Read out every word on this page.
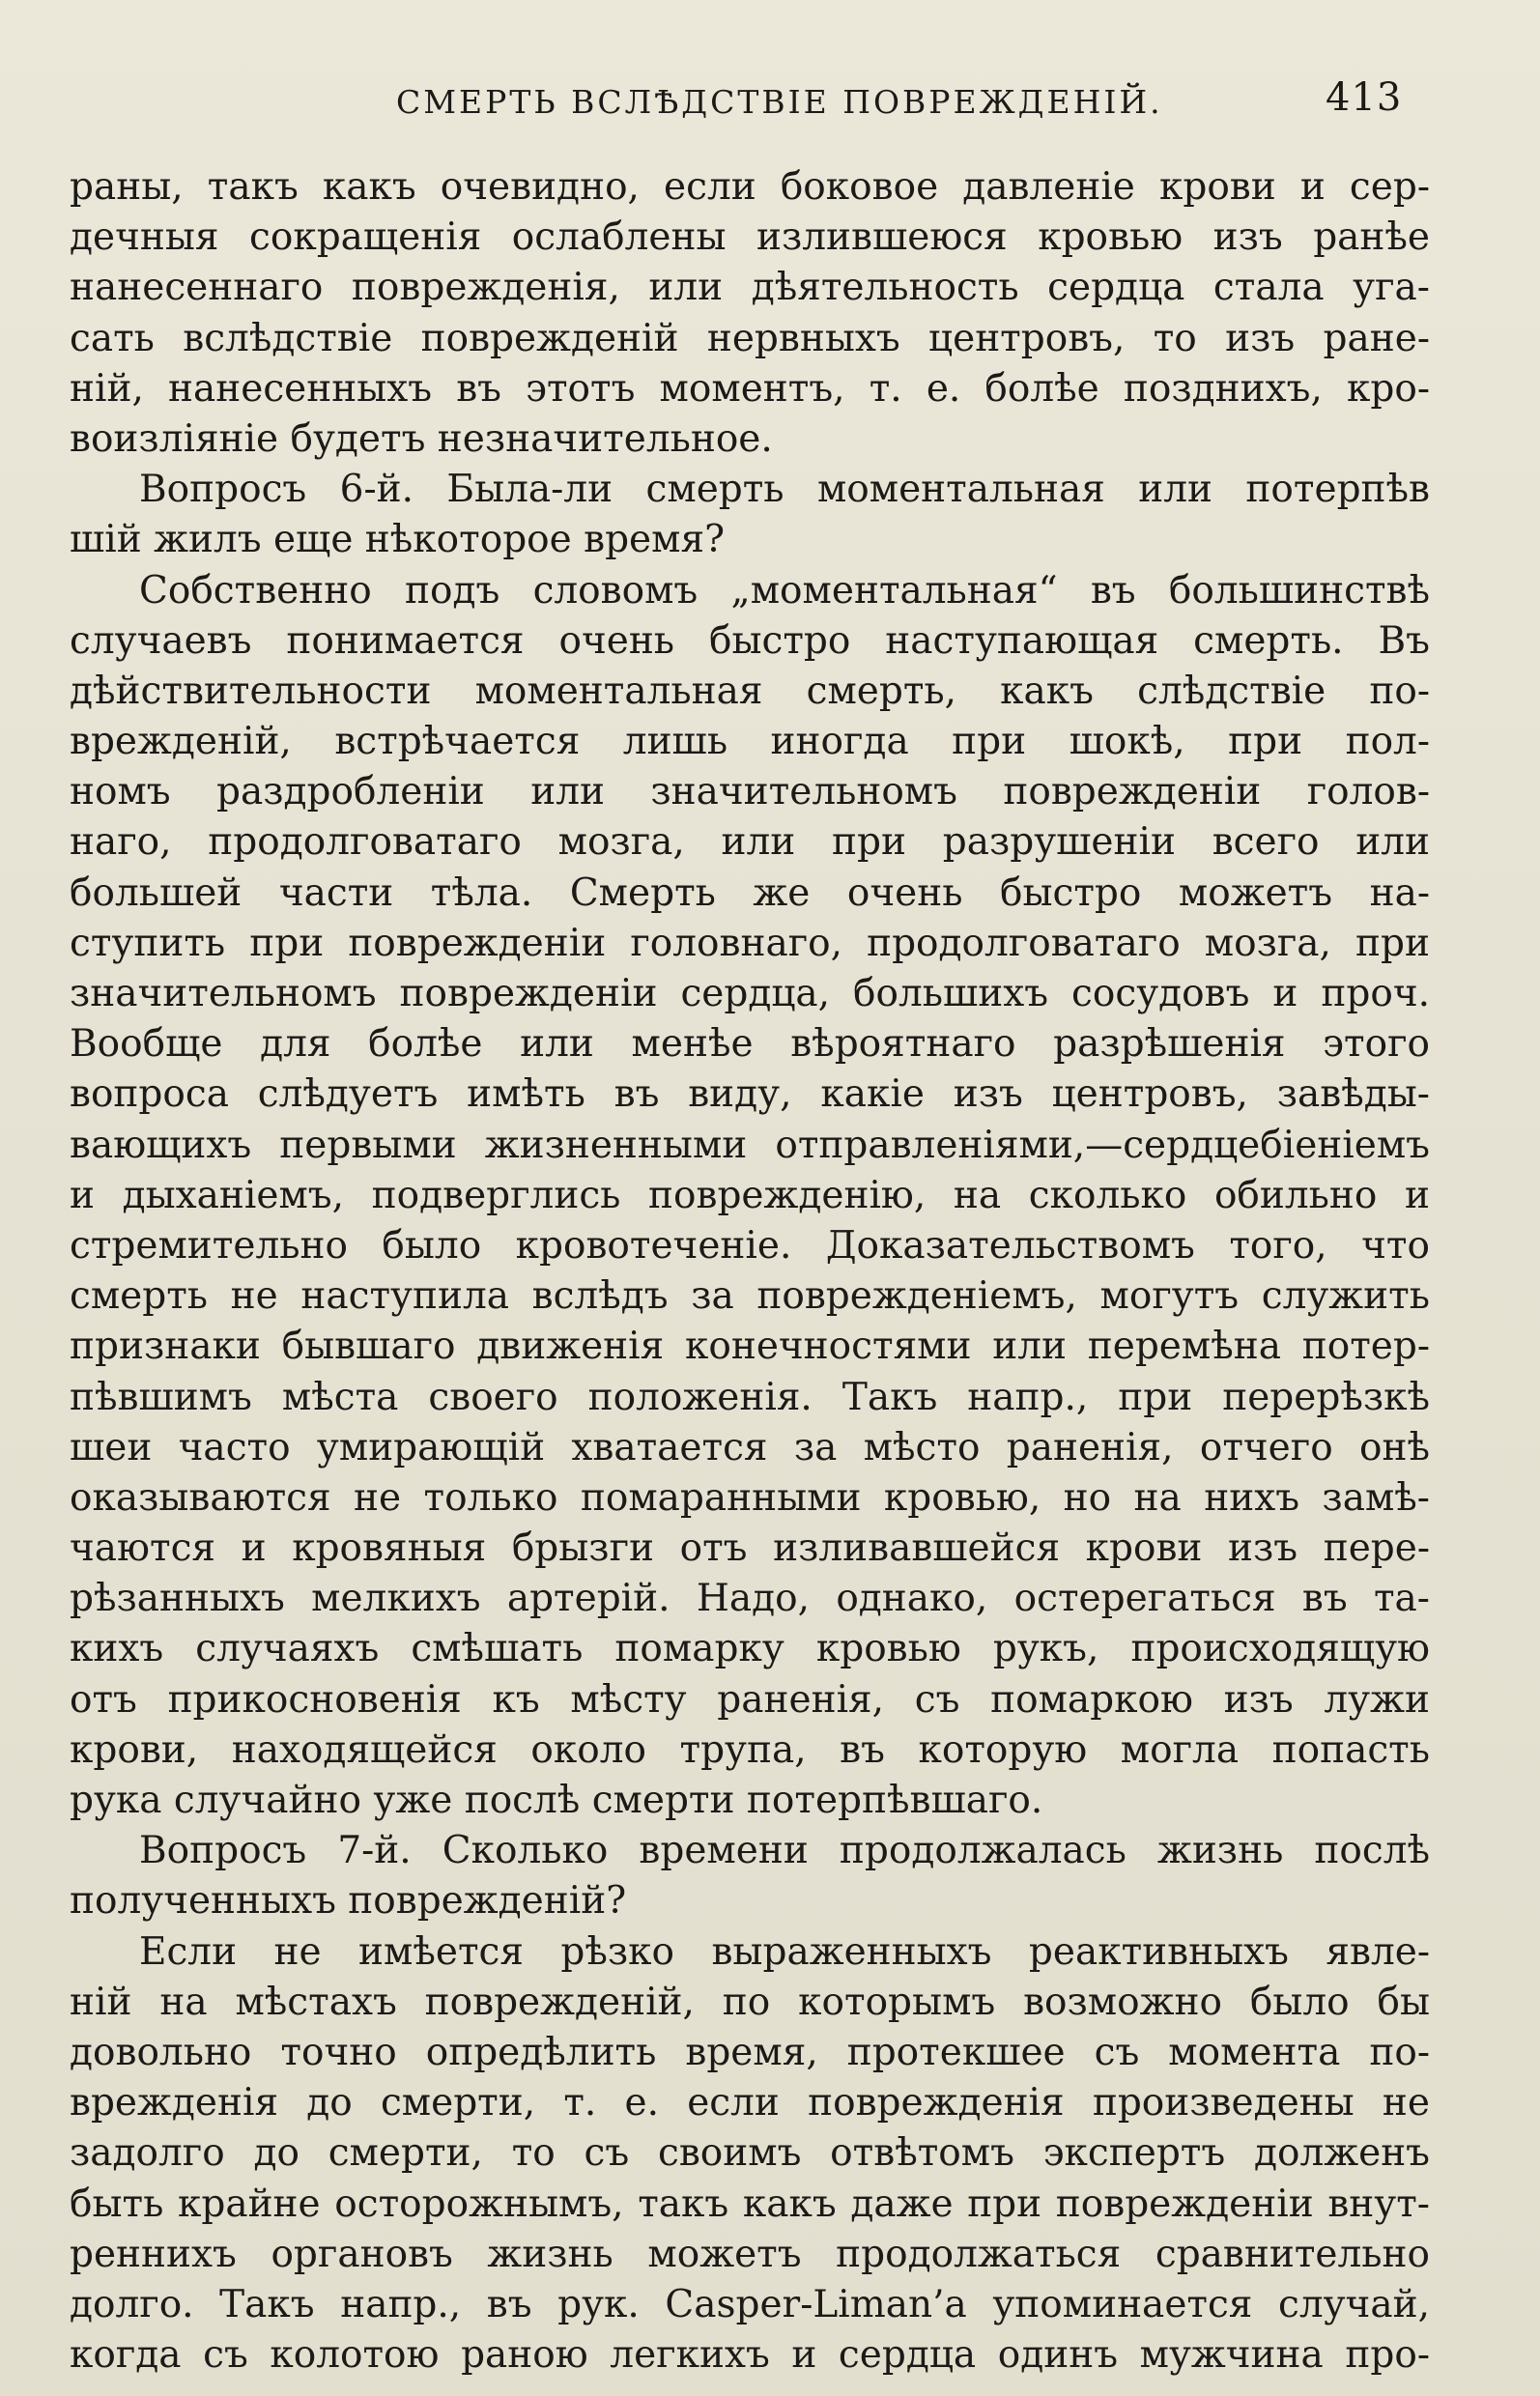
СМЕРТЬ ВСЛѢДСТВІЕ ПОВРЕЖДЕНІЙ.	413
раны, такъ какъ очевидно, если боковое давленіе крови и сер-
дечныя сокращенія ослаблены излившеюся кровью изъ ранѣе
нанесеннаго поврежденія, или дѣятельность сердца стала уга-
сать вслѣдствіе поврежденій нервныхъ центровъ, то изъ ране-
ній, нанесенныхъ въ этотъ моментъ, т. е. болѣе позднихъ, кро-
воизліяніе будетъ незначительное.
Вопросъ 6-й. Была-ли смерть моментальная или потерпѣв
шій жилъ еще нѣкоторое время?
Собственно подъ словомъ „моментальная“ въ большинствѣ
случаевъ понимается очень быстро наступающая смерть. Въ
дѣйствительности моментальная смерть, какъ слѣдствіе по-
врежденій, встрѣчается лишь иногда при шокѣ, при пол-
номъ раздробленіи или значительномъ поврежденіи голов-
наго, продолговатаго мозга, или при разрушеніи всего или
большей части тѣла. Смерть же очень быстро можетъ на-
ступить при поврежденіи головнаго, продолговатаго мозга, при
значительномъ поврежденіи сердца, большихъ сосудовъ и проч.
Вообще для болѣе или менѣе вѣроятнаго разрѣшенія этого
вопроса слѣдуетъ имѣть въ виду, какіе изъ центровъ, завѣды-
вающихъ первыми жизненными отправленіями,—сердцебіеніемъ
и дыханіемъ, подверглись поврежденію, на сколько обильно и
стремительно было кровотеченіе. Доказательствомъ того, что
смерть не наступила вслѣдъ за поврежденіемъ, могутъ служить
признаки бывшаго движенія конечностями или перемѣна потер-
пѣвшимъ мѣста своего положенія. Такъ напр., при перерѣзкѣ
шеи часто умирающій хватается за мѣсто раненія, отчего онѣ
оказываются не только помаранными кровью, но на нихъ замѣ-
чаются и кровяныя брызги отъ изливавшейся крови изъ пере-
рѣзанныхъ мелкихъ артерій. Надо, однако, остерегаться въ та-
кихъ случаяхъ смѣшать помарку кровью рукъ, происходящую
отъ прикосновенія къ мѣсту раненія, съ помаркою изъ лужи
крови, находящейся около трупа, въ которую могла попасть
рука случайно уже послѣ смерти потерпѣвшаго.
Вопросъ 7-й. Сколько времени продолжалась жизнь послѣ
полученныхъ поврежденій?
Если не имѣется рѣзко выраженныхъ реактивныхъ явле-
ній на мѣстахъ поврежденій, по которымъ возможно было бы
довольно точно опредѣлить время, протекшее съ момента по-
врежденія до смерти, т. е. если поврежденія произведены не
задолго до смерти, то съ своимъ отвѣтомъ экспертъ долженъ
быть крайне осторожнымъ, такъ какъ даже при поврежденіи внут-
реннихъ органовъ жизнь можетъ продолжаться сравнительно
долго. Такъ напр., въ рук. Casper-Liman’a упоминается случай,
когда съ колотою раною легкихъ и сердца одинъ мужчина про-
